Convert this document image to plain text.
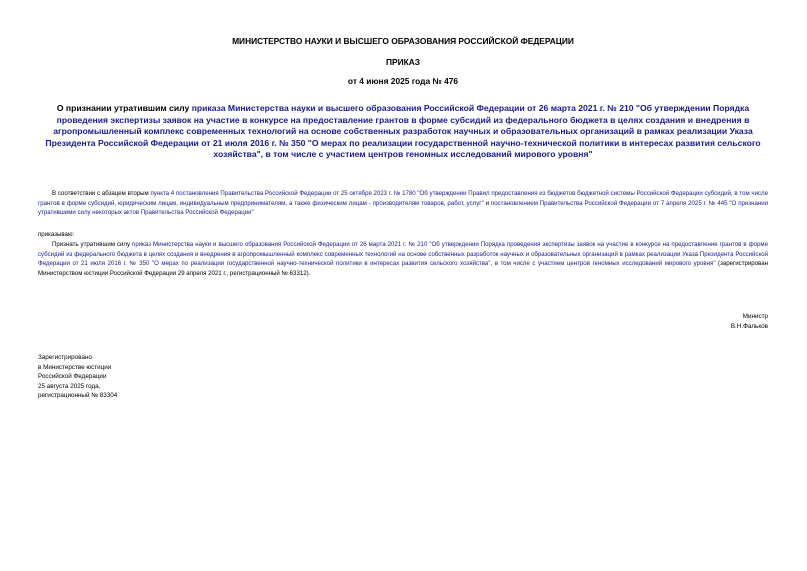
МИНИСТЕРСТВО НАУКИ И ВЫСШЕГО ОБРАЗОВАНИЯ РОССИЙСКОЙ ФЕДЕРАЦИИ
ПРИКАЗ
от 4 июня 2025 года № 476
О признании утратившим силу приказа Министерства науки и высшего образования Российской Федерации от 26 марта 2021 г. № 210 "Об утверждении Порядка проведения экспертизы заявок на участие в конкурсе на предоставление грантов в форме субсидий из федерального бюджета в целях создания и внедрения в агропромышленный комплекс современных технологий на основе собственных разработок научных и образовательных организаций в рамках реализации Указа Президента Российской Федерации от 21 июля 2016 г. № 350 "О мерах по реализации государственной научно-технической политики в интересах развития сельского хозяйства", в том числе с участием центров геномных исследований мирового уровня"
В соответствии с абзацем вторым пункта 4 постановления Правительства Российской Федерации от 25 октября 2023 г. № 1780 "Об утверждении Правил предоставления из бюджетов бюджетной системы Российской Федерации субсидий, в том числе грантов в форме субсидий, юридическим лицам, индивидуальным предпринимателям, а также физическим лицам - производителям товаров, работ, услуг" и постановлением Правительства Российской Федерации от 7 апреля 2025 г. № 445 "О признании утратившими силу некоторых актов Правительства Российской Федерации"
приказываю:
Признать утратившим силу приказ Министерства науки и высшего образования Российской Федерации от 26 марта 2021 г. № 210 "Об утверждении Порядка проведения экспертизы заявок на участие в конкурсе на предоставление грантов в форме субсидий из федерального бюджета в целях создания и внедрения в агропромышленный комплекс современных технологий на основе собственных разработок научных и образовательных организаций в рамках реализации Указа Президента Российской Федерации от 21 июля 2016 г. № 350 "О мерах по реализации государственной научно-технической политики в интересах развития сельского хозяйства", в том числе с участием центров геномных исследований мирового уровня" (зарегистрирован Министерством юстиции Российской Федерации 29 апреля 2021 г., регистрационный № 63312).
Министр
В.Н.Фальков
Зарегистрировано
в Министерстве юстиции
Российской Федерации
25 августа 2025 года,
регистрационный № 83304
